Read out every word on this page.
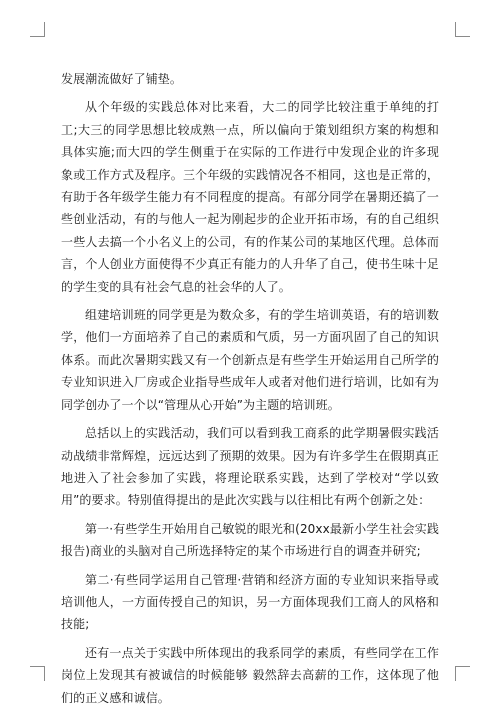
发展潮流做好了铺垫。

从个年级的实践总体对比来看，大二的同学比较注重于单纯的打工;大三的同学思想比较成熟一点，所以偏向于策划组织方案的构想和具体实施;而大四的学生侧重于在实际的工作进行中发现企业的许多现象或工作方式及程序。三个年级的实践情况各不相同，这也是正常的，有助于各年级学生能力有不同程度的提高。有部分同学在暑期还搞了一些创业活动，有的与他人一起为刚起步的企业开拓市场，有的自己组织一些人去搞一个小名义上的公司，有的作某公司的某地区代理。总体而言，个人创业方面使得不少真正有能力的人升华了自己，使书生味十足的学生变的具有社会气息的社会华的人了。

组建培训班的同学更是为数众多，有的学生培训英语，有的培训数学，他们一方面培养了自己的素质和气质，另一方面巩固了自己的知识体系。而此次暑期实践又有一个创新点是有些学生开始运用自己所学的专业知识进入厂房或企业指导些成年人或者对他们进行培训，比如有为同学创办了一个以“管理从心开始”为主题的培训班。

总括以上的实践活动，我们可以看到我工商系的此学期暑假实践活动战绩非常辉煌，远远达到了预期的效果。因为有许多学生在假期真正地进入了社会参加了实践，将理论联系实践，达到了学校对“学以致用”的要求。特别值得提出的是此次实践与以往相比有两个创新之处：

第一·有些学生开始用自己敏锐的眼光和(20xx最新小学生社会实践报告)商业的头脑对自己所选择特定的某个市场进行自的调查并研究;

第二·有些同学运用自己管理·营销和经济方面的专业知识来指导或培训他人，一方面传授自己的知识，另一方面体现我们工商人的风格和技能;

还有一点关于实践中所体现出的我系同学的素质，有些同学在工作岗位上发现其有被诚信的时候能够 毅然辞去高薪的工作，这体现了他们的正义感和诚信。
